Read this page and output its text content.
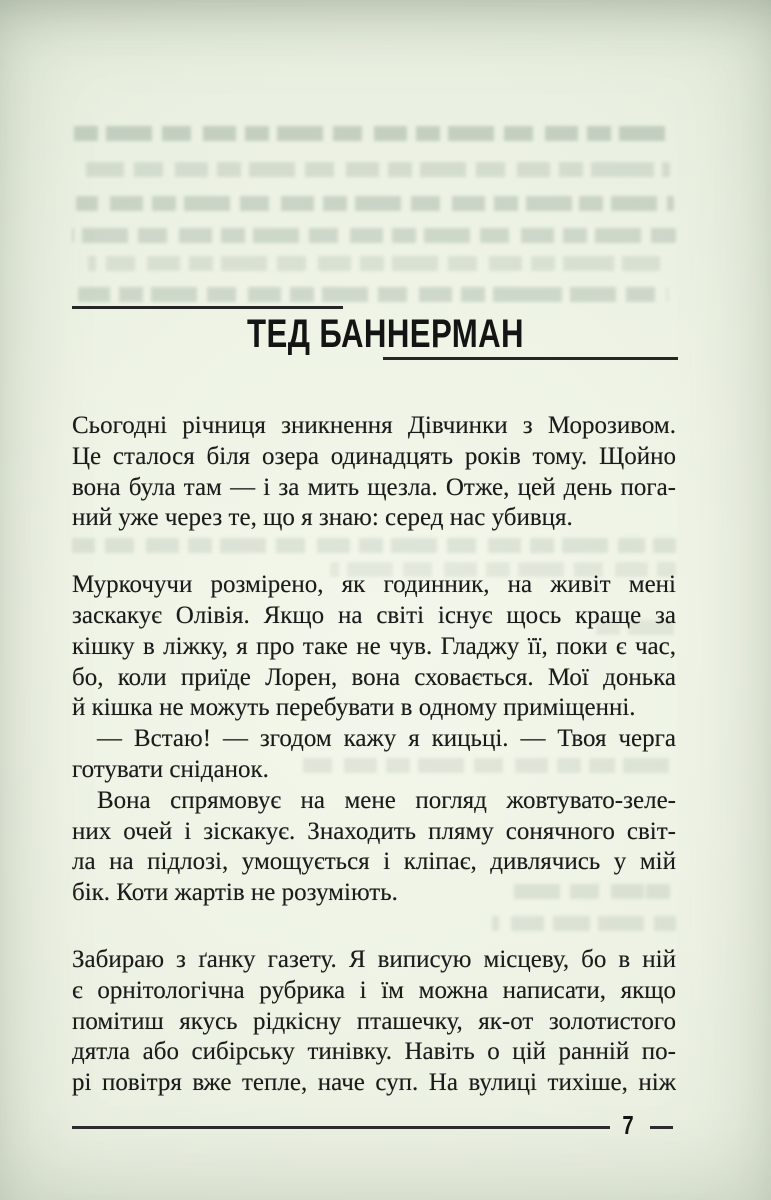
ТЕД БАННЕРМАН
Сьогодні річниця зникнення Дівчинки з Морозивом.
Це сталося біля озера одинадцять років тому. Щойно
вона була там — і за мить щезла. Отже, цей день пога-
ний уже через те, що я знаю: серед нас убивця.
Муркочучи розмірено, як годинник, на живіт мені
заскакує Олівія. Якщо на світі існує щось краще за
кішку в ліжку, я про таке не чув. Гладжу її, поки є час,
бо, коли приїде Лорен, вона сховається. Мої донька
й кішка не можуть перебувати в одному приміщенні.
— Встаю! — згодом кажу я кицьці. — Твоя черга
готувати сніданок.
Вона спрямовує на мене погляд жовтувато-зеле-
них очей і зіскакує. Знаходить пляму сонячного світ-
ла на підлозі, умощується і кліпає, дивлячись у мій
бік. Коти жартів не розуміють.
Забираю з ґанку газету. Я виписую місцеву, бо в ній
є орнітологічна рубрика і їм можна написати, якщо
помітиш якусь рідкісну пташечку, як-от золотистого
дятла або сибірську тинівку. Навіть о цій ранній по-
рі повітря вже тепле, наче суп. На вулиці тихіше, ніж
7
